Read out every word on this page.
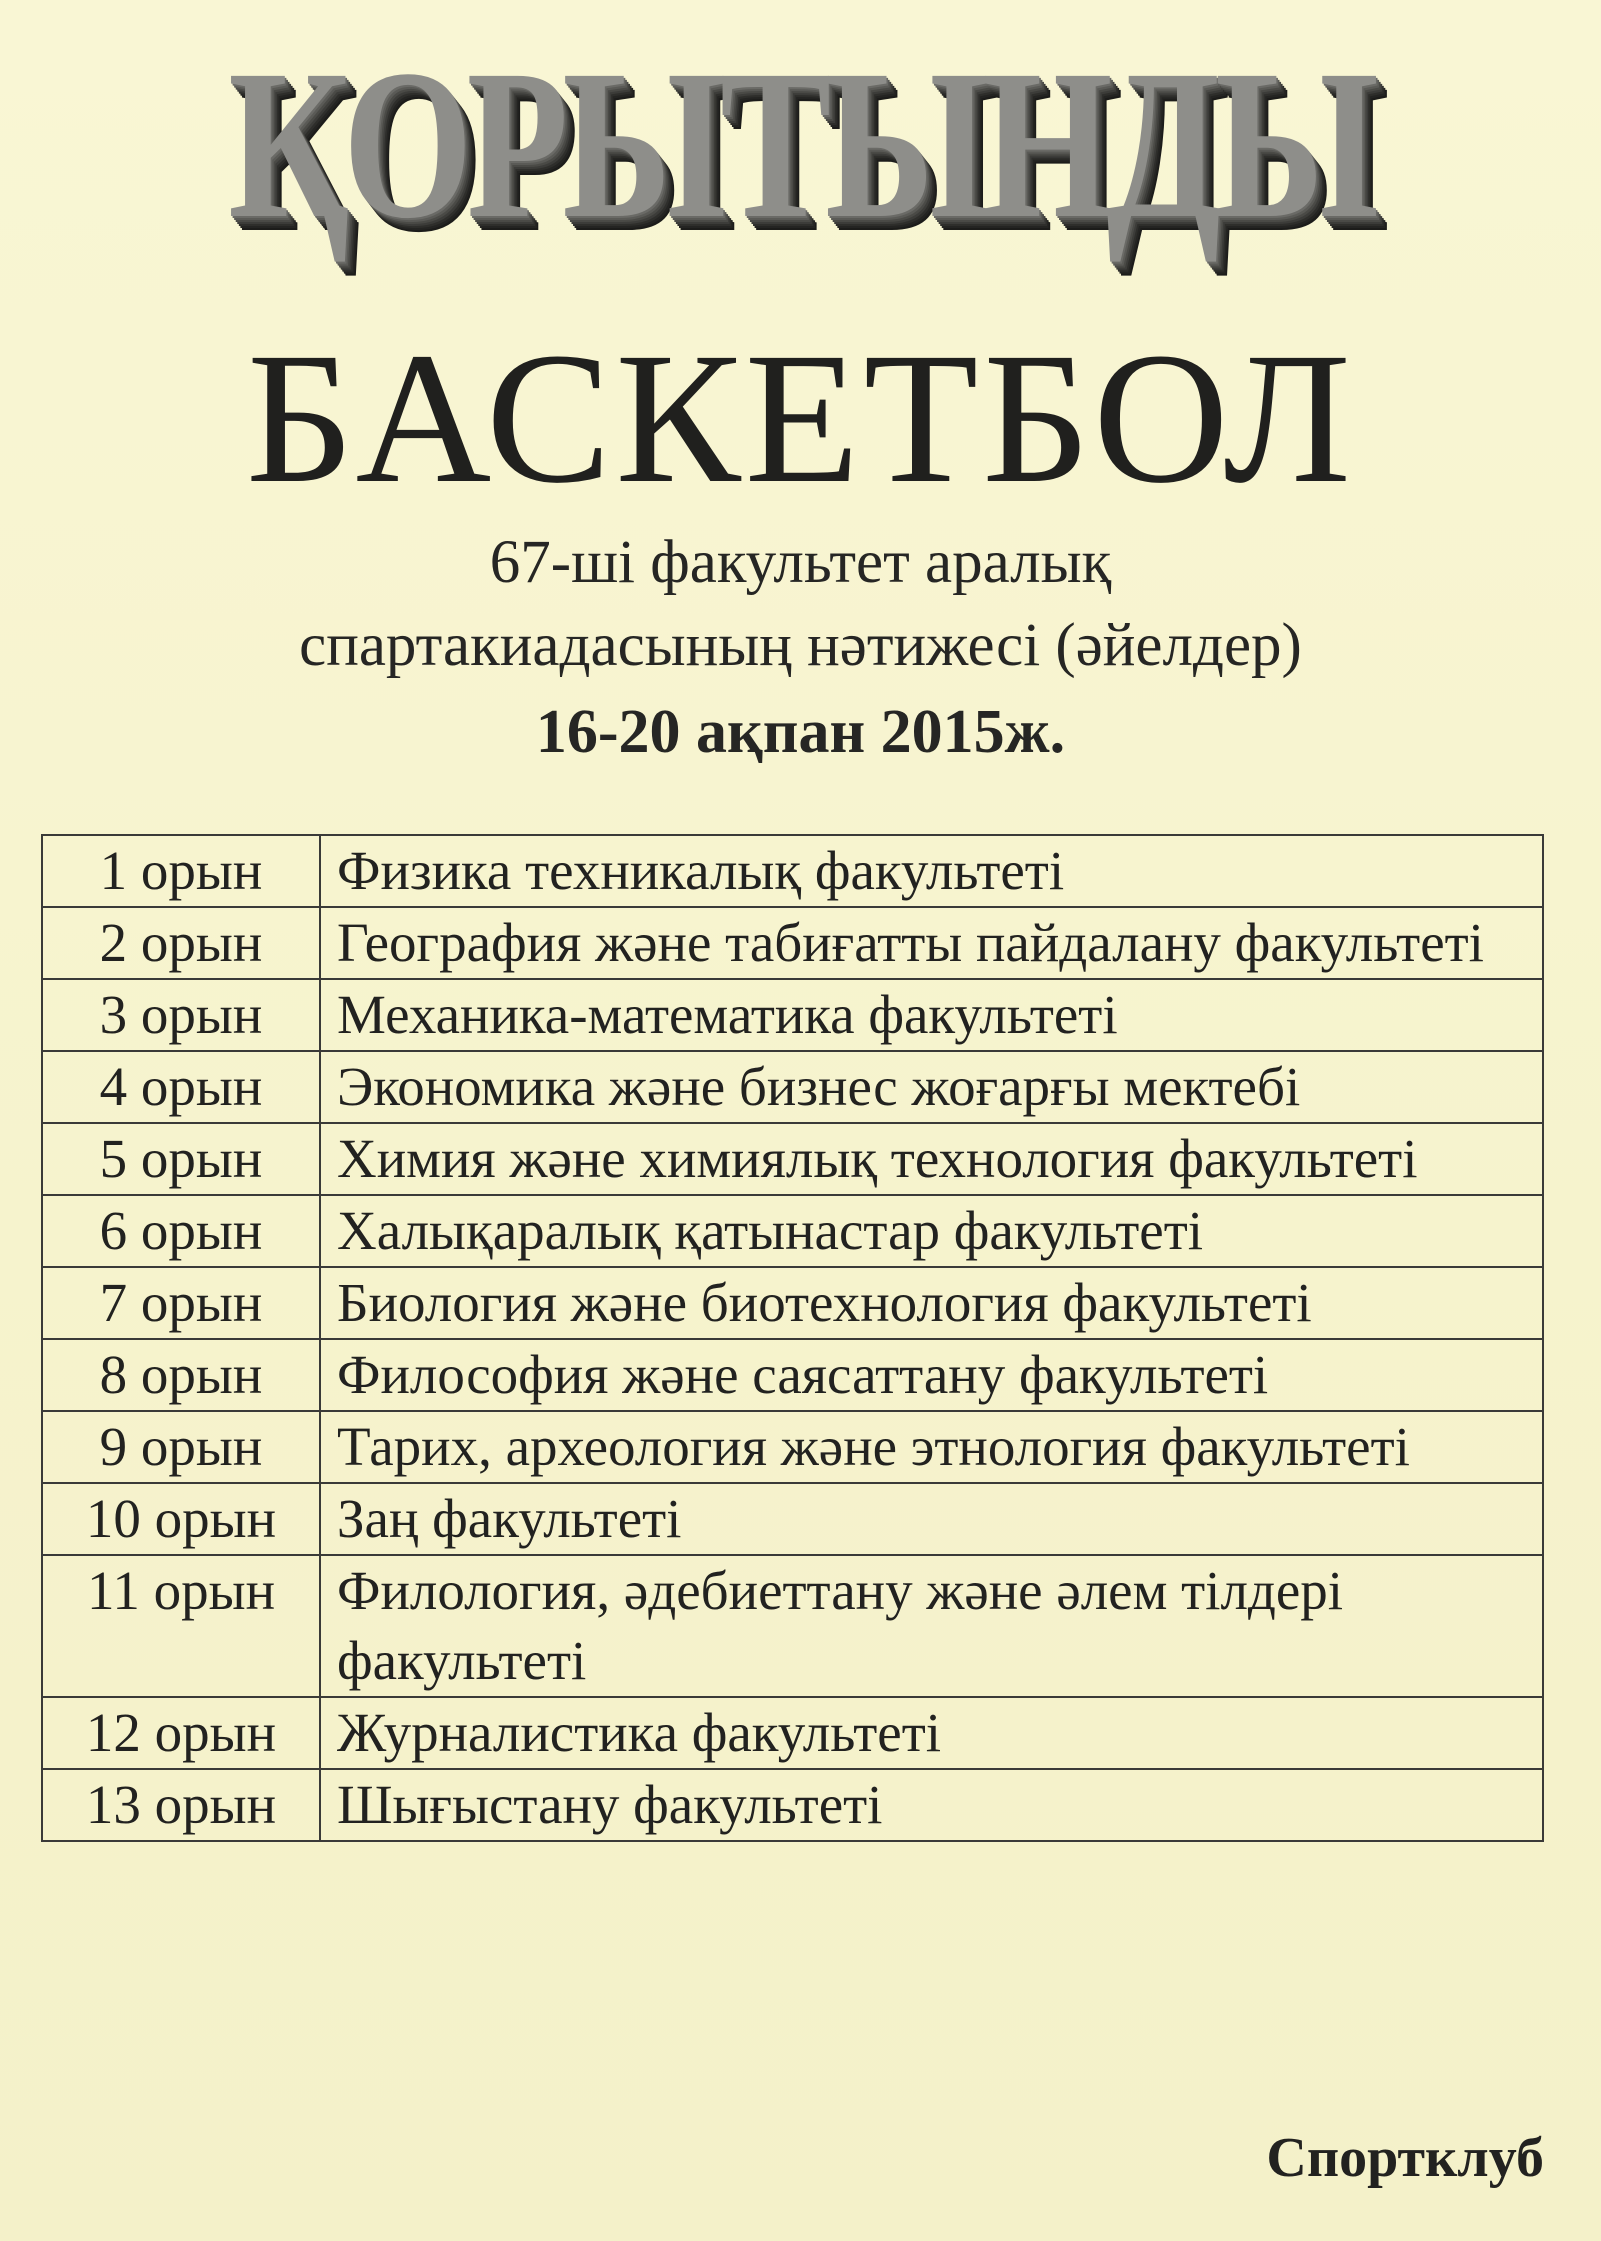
ҚОРЫТЫНДЫ
БАСКЕТБОЛ
67-ші факультет аралық
спартакиадасының нәтижесі (әйелдер)
16-20 ақпан 2015ж.
1 орын	Физика техникалық факультеті
2 орын	География және табиғатты пайдалану факультеті
3 орын	Механика-математика факультеті
4 орын	Экономика және бизнес жоғарғы мектебі
5 орын	Химия және химиялық технология факультеті
6 орын	Халықаралық қатынастар факультеті
7 орын	Биология және биотехнология факультеті
8 орын	Философия және саясаттану факультеті
9 орын	Тарих, археология және этнология факультеті
10 орын	Заң факультеті
11 орын	Филология, әдебиеттану және әлем тілдері факультеті
12 орын	Журналистика факультеті
13 орын	Шығыстану факультеті
Спортклуб
